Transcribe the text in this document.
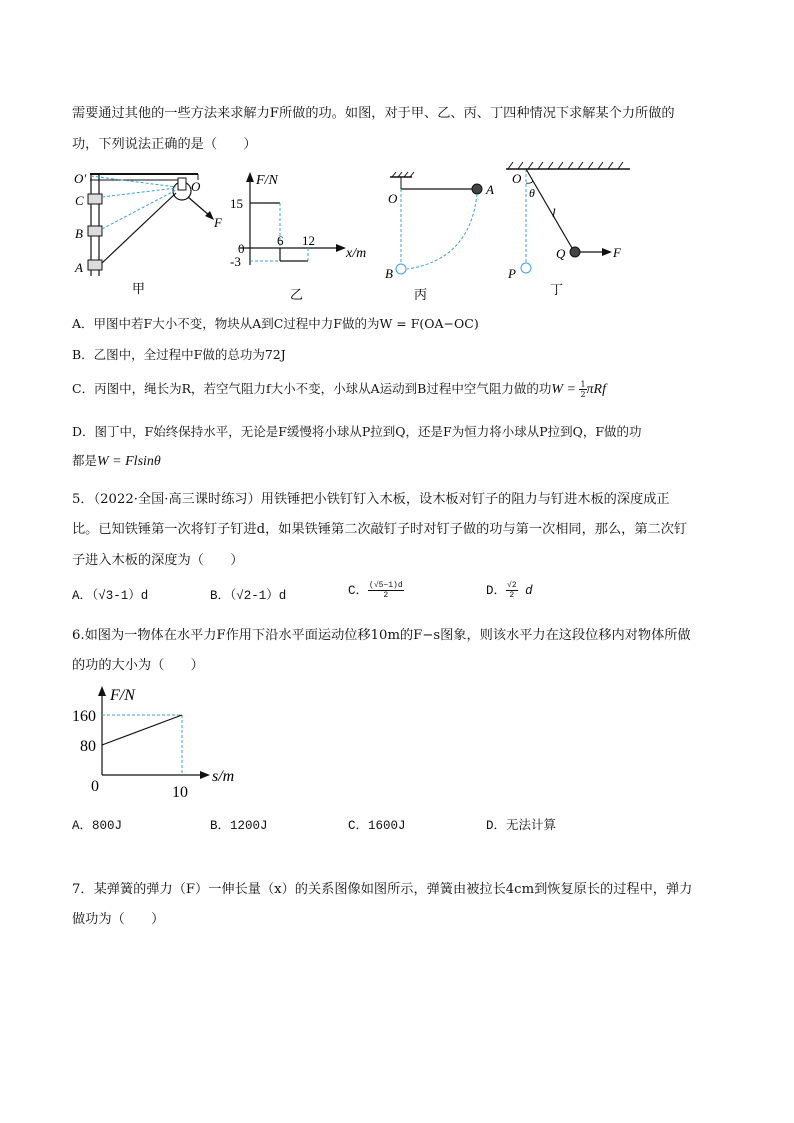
需要通过其他的一些方法来求解力F所做的功。如图，对于甲、乙、丙、丁四种情况下求解某个力所做的
功，下列说法正确的是（　　）
O′
C
B
A
O
F
甲
F/N
15
0
-3
6 12
x/m
乙
O
A
B
丙
O
θ
l
Q	F
P
丁
A．甲图中若F大小不变，物块从A到C过程中力F做的为W = F(OA−OC)
B．乙图中，全过程中F做的总功为72J
C．丙图中，绳长为R，若空气阻力f大小不变，小球从A运动到B过程中空气阻力做的功$W = \frac{1}{2}$ πRf
D．图丁中，F始终保持水平，无论是F缓慢将小球从P拉到Q，还是F为恒力将小球从P拉到Q，F做的功
都是W = Flsinθ
5．（2022·全国·高三课时练习）用铁锤把小铁钉钉入木板，设木板对钉子的阻力与钉进木板的深度成正
比。已知铁锤第一次将钉子钉进d，如果铁锤第二次敲钉子时对钉子做的功与第一次相同，那么，第二次钉
子进入木板的深度为（　　）
A．（√3-1）d	B．（√2-1）d	C． $\frac{(√5-1)d}{2}$	D． $\frac{√2}{2}$ d
6.如图为一物体在水平力F作用下沿水平面运动位移10m的F−s图象，则该水平力在这段位移内对物体所做
的功的大小为（　　）
F/N
160
80
0	10
s/m
A．800J	B．1200J	C．1600J	D．无法计算
7．某弹簧的弹力（F）一伸长量（x）的关系图像如图所示，弹簧由被拉长4cm到恢复原长的过程中，弹力
做功为（　　）
